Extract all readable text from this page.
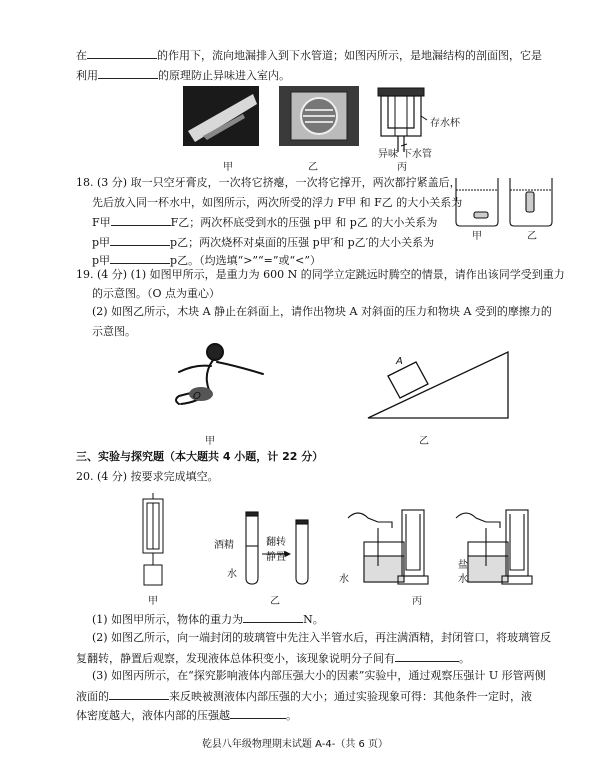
在	的作用下，流向地漏排入到下水管道；如图丙所示，是地漏结构的剖面图，它是
利用	的原理防止异味进入室内。
存水杯
异味 下水管
甲	乙	丙
18. (3 分) 取一只空牙膏皮，一次将它挤瘪，一次将它撑开，两次都拧紧盖后，
先后放入同一杯水中，如图所示，两次所受的浮力 F甲 和 F乙 的大小关系为
F甲	F乙；两次杯底受到水的压强 p甲 和 p乙 的大小关系为
p甲	p乙；两次烧杯对桌面的压强 p甲′和 p乙′的大小关系为
p甲	p乙。（均选填“>”“=”或“<”）
甲	乙
19. (4 分) (1) 如图甲所示，是重力为 600 N 的同学立定跳远时腾空的情景，请作出该同学受到重力
的示意图。（O 点为重心）
(2) 如图乙所示，木块 A 静止在斜面上，请作出物块 A 对斜面的压力和物块 A 受到的摩擦力的
示意图。
O
甲
A
乙
三、实验与探究题（本大题共 4 小题，计 22 分）
20. (4 分) 按要求完成填空。
甲
酒精
水
翻转
静置
乙
水
盐
水
丙
(1) 如图甲所示，物体的重力为	N。
(2) 如图乙所示，向一端封闭的玻璃管中先注入半管水后，再注满酒精，封闭管口，将玻璃管反
复翻转，静置后观察，发现液体总体积变小，该现象说明分子间有	。
(3) 如图丙所示，在“探究影响液体内部压强大小的因素”实验中，通过观察压强计 U 形管两侧
液面的	来反映被测液体内部压强的大小；通过实验现象可得：其他条件一定时，液
体密度越大，液体内部的压强越	。
乾县八年级物理期末试题 A-4-（共 6 页）
